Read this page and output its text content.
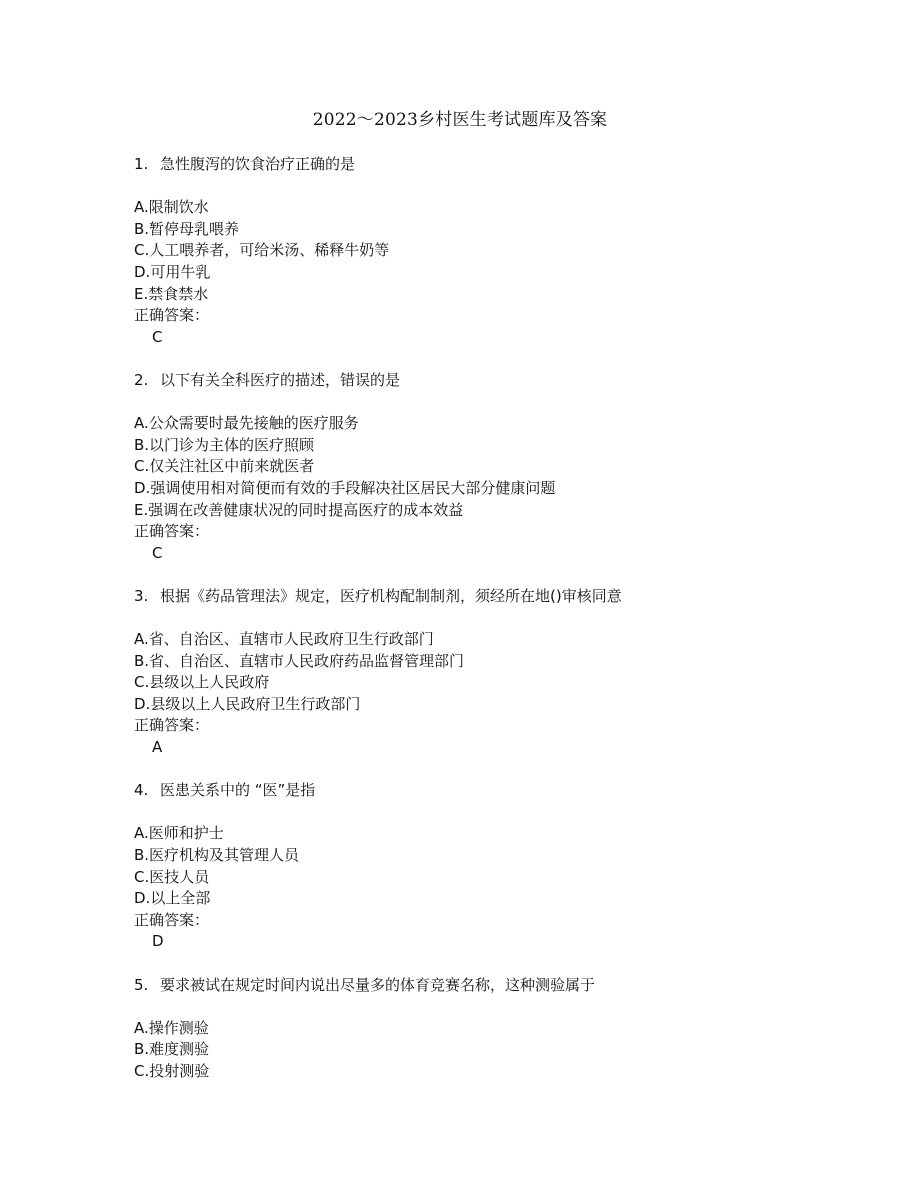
2022～2023乡村医生考试题库及答案

1. 急性腹泻的饮食治疗正确的是

A.限制饮水

B.暂停母乳喂养

C.人工喂养者，可给米汤、稀释牛奶等

D.可用牛乳

E.禁食禁水

正确答案：

C

2. 以下有关全科医疗的描述，错误的是

A.公众需要时最先接触的医疗服务

B.以门诊为主体的医疗照顾

C.仅关注社区中前来就医者

D.强调使用相对简便而有效的手段解决社区居民大部分健康问题

E.强调在改善健康状况的同时提高医疗的成本效益

正确答案：

C

3. 根据《药品管理法》规定，医疗机构配制制剂，须经所在地()审核同意

A.省、自治区、直辖市人民政府卫生行政部门

B.省、自治区、直辖市人民政府药品监督管理部门

C.县级以上人民政府

D.县级以上人民政府卫生行政部门

正确答案：

A

4. 医患关系中的 “医”是指

A.医师和护士

B.医疗机构及其管理人员

C.医技人员

D.以上全部

正确答案：

D

5. 要求被试在规定时间内说出尽量多的体育竞赛名称，这种测验属于

A.操作测验

B.难度测验

C.投射测验
